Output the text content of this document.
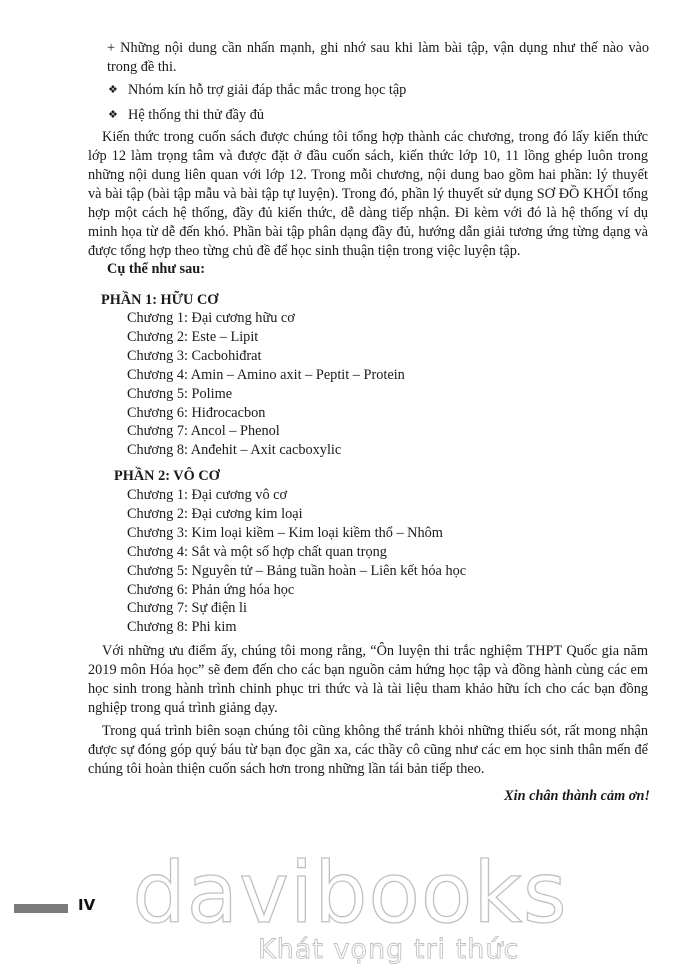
+ Những nội dung cần nhấn mạnh, ghi nhớ sau khi làm bài tập, vận dụng như thế nào vào trong đề thi.
❖ Nhóm kín hỗ trợ giải đáp thắc mắc trong học tập
❖ Hệ thống thi thử đầy đủ
Kiến thức trong cuốn sách được chúng tôi tổng hợp thành các chương, trong đó lấy kiến thức lớp 12 làm trọng tâm và được đặt ở đầu cuốn sách, kiến thức lớp 10, 11 lồng ghép luôn trong những nội dung liên quan với lớp 12. Trong mỗi chương, nội dung bao gồm hai phần: lý thuyết và bài tập (bài tập mẫu và bài tập tự luyện). Trong đó, phần lý thuyết sử dụng SƠ ĐỒ KHỐI tổng hợp một cách hệ thống, đầy đủ kiến thức, dễ dàng tiếp nhận. Đi kèm với đó là hệ thống ví dụ minh họa từ dễ đến khó. Phần bài tập phân dạng đầy đủ, hướng dẫn giải tương ứng từng dạng và được tổng hợp theo từng chủ đề để học sinh thuận tiện trong việc luyện tập.
Cụ thể như sau:
PHẦN 1: HỮU CƠ
Chương 1: Đại cương hữu cơ
Chương 2: Este – Lipit
Chương 3: Cacbohiđrat
Chương 4: Amin – Amino axit – Peptit – Protein
Chương 5: Polime
Chương 6: Hiđrocacbon
Chương 7: Ancol – Phenol
Chương 8: Anđehit – Axit cacboxylic
PHẦN 2: VÔ CƠ
Chương 1: Đại cương vô cơ
Chương 2: Đại cương kim loại
Chương 3: Kim loại kiềm – Kim loại kiềm thổ – Nhôm
Chương 4: Sắt và một số hợp chất quan trọng
Chương 5: Nguyên tử – Bảng tuần hoàn – Liên kết hóa học
Chương 6: Phản ứng hóa học
Chương 7: Sự điện li
Chương 8: Phi kim
Với những ưu điểm ấy, chúng tôi mong rằng, “Ôn luyện thi trắc nghiệm THPT Quốc gia năm 2019 môn Hóa học” sẽ đem đến cho các bạn nguồn cảm hứng học tập và đồng hành cùng các em học sinh trong hành trình chinh phục tri thức và là tài liệu tham khảo hữu ích cho các bạn đồng nghiệp trong quá trình giảng dạy.
Trong quá trình biên soạn chúng tôi cũng không thể tránh khỏi những thiếu sót, rất mong nhận được sự đóng góp quý báu từ bạn đọc gần xa, các thầy cô cũng như các em học sinh thân mến để chúng tôi hoàn thiện cuốn sách hơn trong những lần tái bản tiếp theo.
Xin chân thành cảm ơn!
davibooks
Khát vọng tri thức
IV
